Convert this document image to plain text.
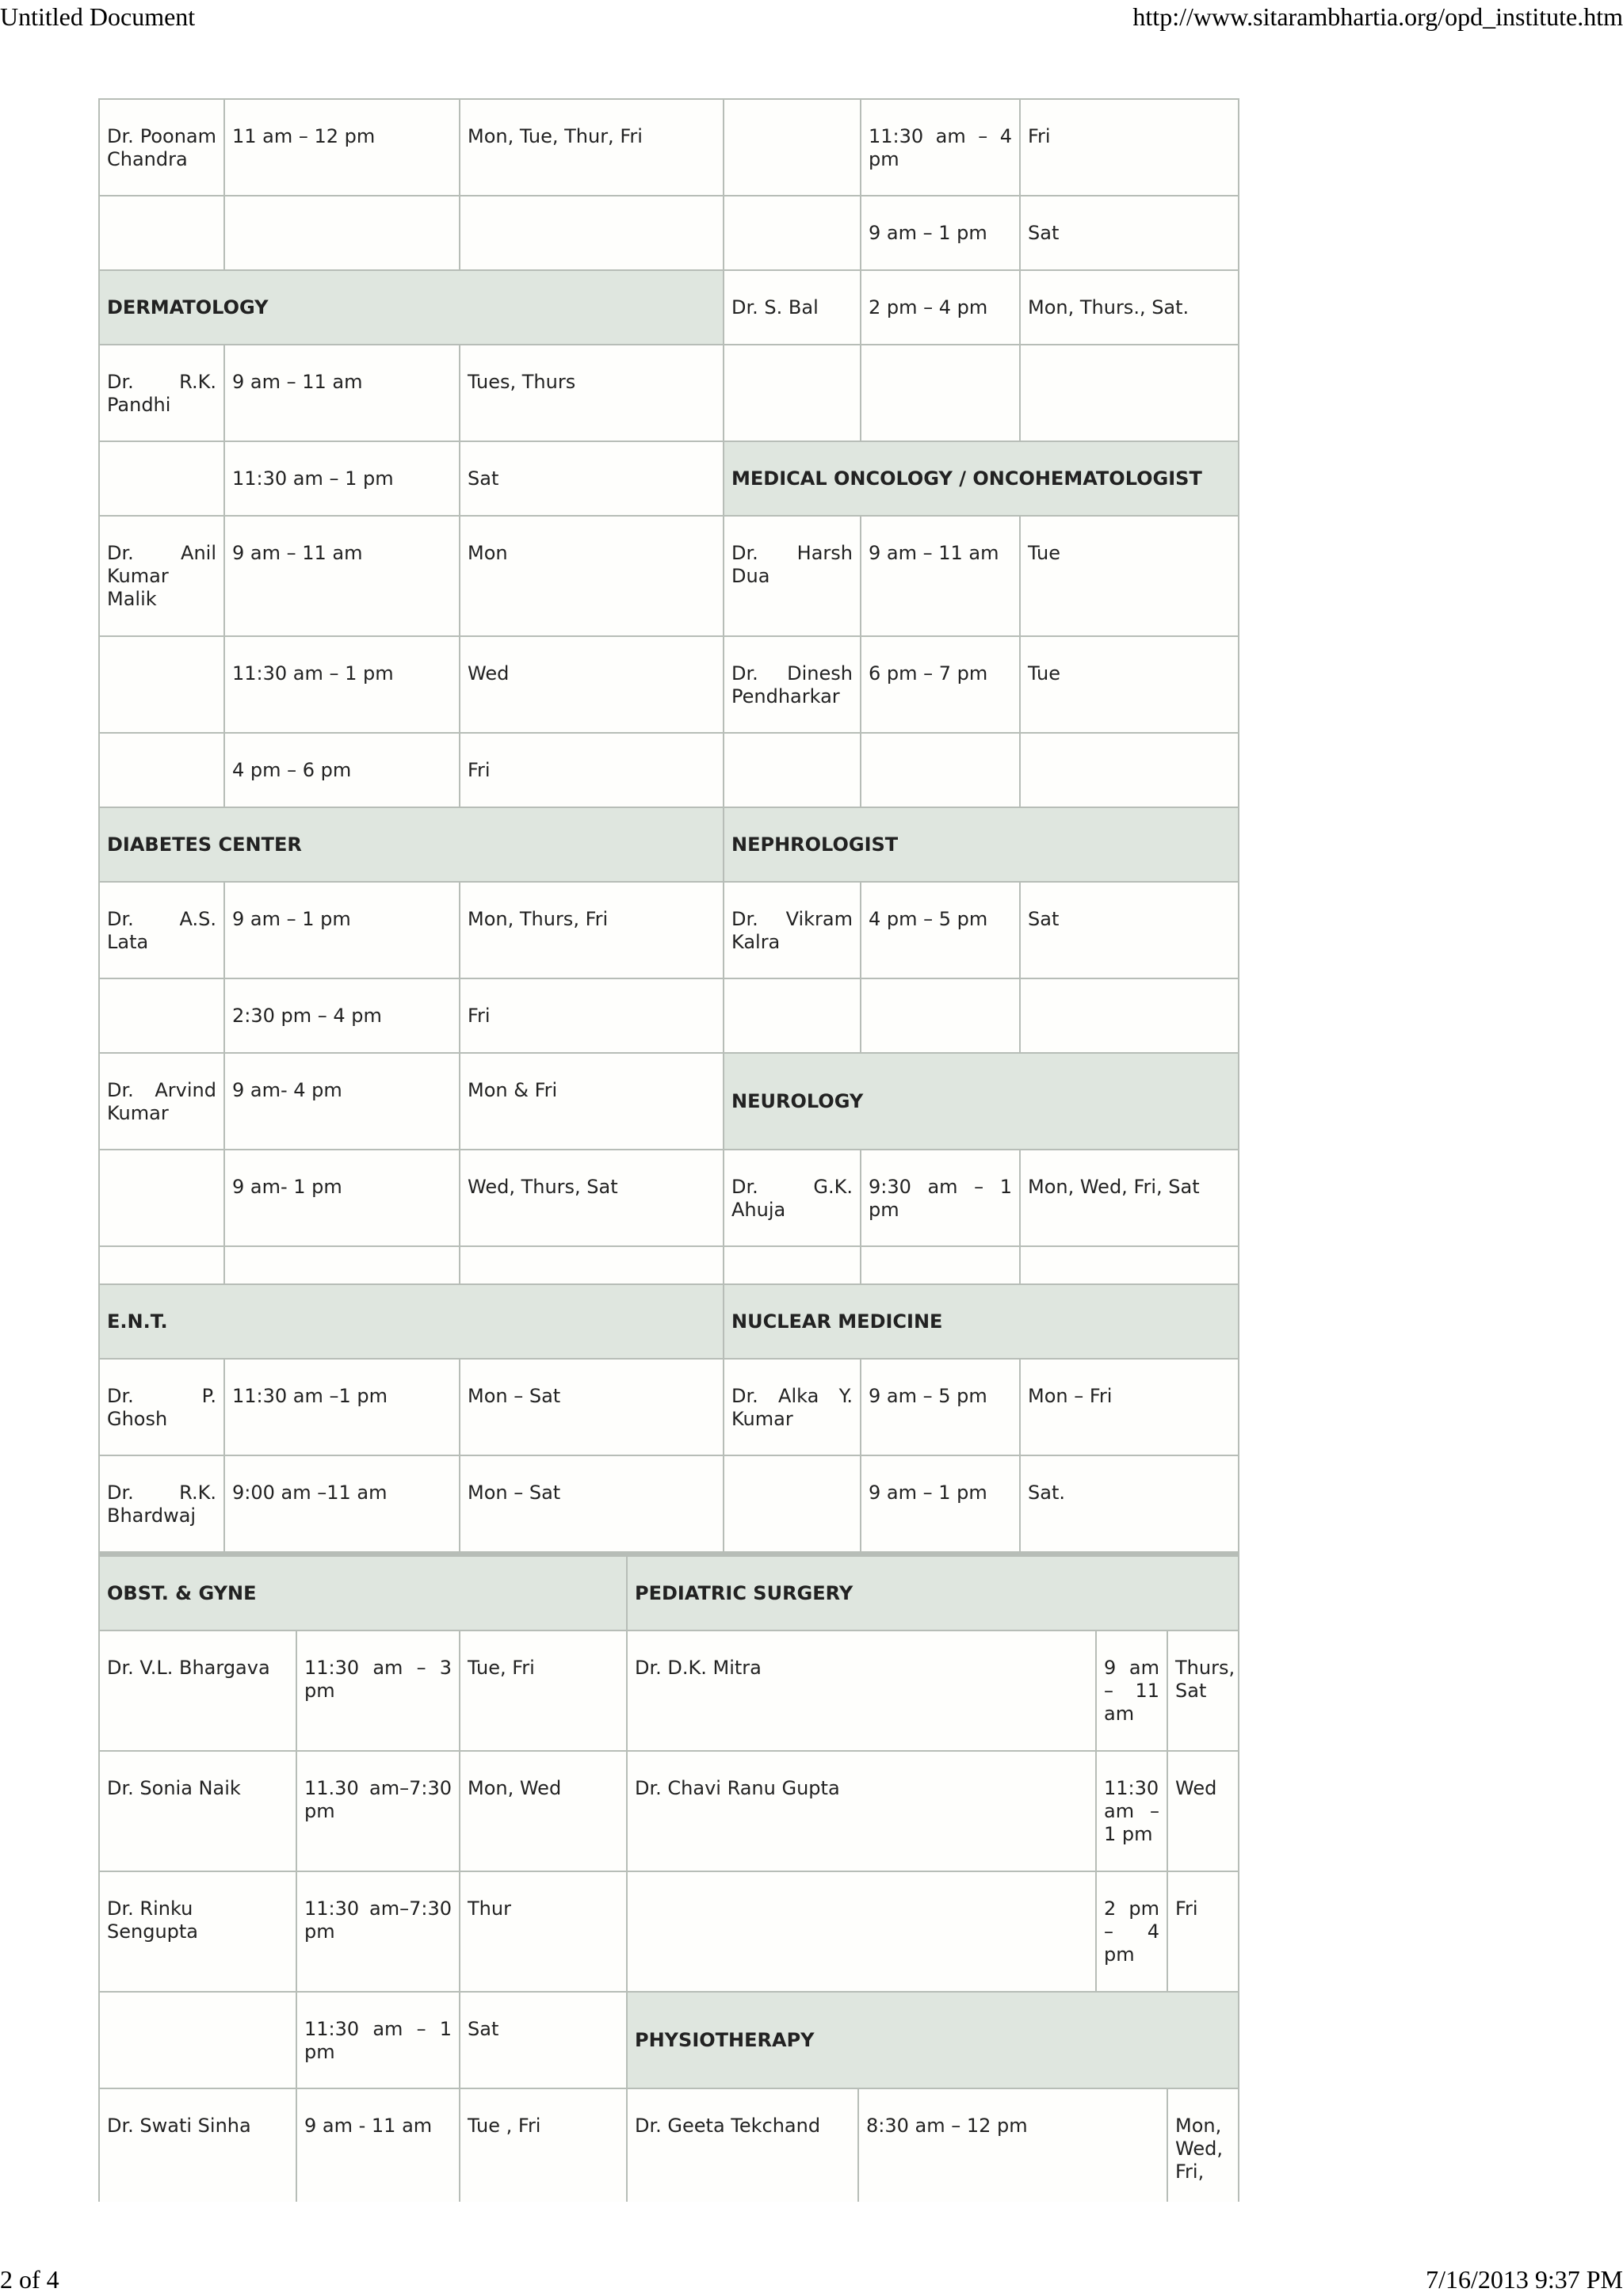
Untitled Document	http://www.sitarambhartia.org/opd_institute.htm
Dr. Poonam Chandra	11 am – 12 pm	Mon, Tue, Thur, Fri		11:30 am – 4 pm	Fri
				9 am – 1 pm	Sat
DERMATOLOGY			Dr. S. Bal	2 pm – 4 pm	Mon, Thurs., Sat.
Dr. R.K. Pandhi	9 am – 11 am	Tues, Thurs			
	11:30 am – 1 pm	Sat	MEDICAL ONCOLOGY / ONCOHEMATOLOGIST		
Dr. Anil Kumar Malik	9 am – 11 am	Mon	Dr. Harsh Dua	9 am – 11 am	Tue
	11:30 am – 1 pm	Wed	Dr. Dinesh Pendharkar	6 pm – 7 pm	Tue
	4 pm – 6 pm	Fri			
DIABETES CENTER			NEPHROLOGIST		
Dr. A.S. Lata	9 am – 1 pm	Mon, Thurs, Fri	Dr. Vikram Kalra	4 pm – 5 pm	Sat
	2:30 pm – 4 pm	Fri			
Dr. Arvind Kumar	9 am- 4 pm	Mon & Fri	NEUROLOGY		
	9 am- 1 pm	Wed, Thurs, Sat	Dr. G.K. Ahuja	9:30 am – 1 pm	Mon, Wed, Fri, Sat

E.N.T.			NUCLEAR MEDICINE		
Dr. P. Ghosh	11:30 am –1 pm	Mon – Sat	Dr. Alka Y. Kumar	9 am – 5 pm	Mon – Fri
Dr. R.K. Bhardwaj	9:00 am –11 am	Mon – Sat		9 am – 1 pm	Sat.
OBST. & GYNE			PEDIATRIC SURGERY			
Dr. V.L. Bhargava	11:30 am – 3 pm	Tue, Fri	Dr. D.K. Mitra		9 am – 11 am	Thurs, Sat
Dr. Sonia Naik	11.30 am–7:30 pm	Mon, Wed	Dr. Chavi Ranu Gupta		11:30 am – 1 pm	Wed
Dr. Rinku Sengupta	11:30 am–7:30 pm	Thur			2 pm – 4 pm	Fri
	11:30 am – 1 pm	Sat	PHYSIOTHERAPY			
Dr. Swati Sinha	9 am - 11 am	Tue , Fri	Dr. Geeta Tekchand	8:30 am – 12 pm		Mon, Wed, Fri,
2 of 4	7/16/2013 9:37 PM
